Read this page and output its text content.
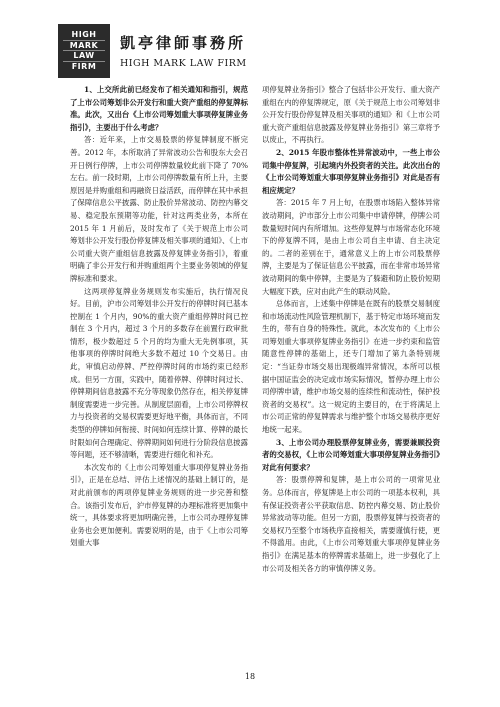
HIGH
MARK
LAW
FIRM
凱亭律師事務所
HIGH MARK LAW FIRM

1、上交所此前已经发布了相关通知和指引，规范了上市公司筹划非公开发行和重大资产重组的停复牌标准。此次，又出台《上市公司筹划重大事项停复牌业务指引》，主要出于什么考虑？

答：近年来，上市交易股票的停复牌制度不断完善。2012 年，本所取消了异常波动公告和股东大会召开日例行停牌，上市公司停牌数量较此前下降了 70%左右。前一段时期，上市公司停牌数量有所上升，主要原因是并购重组和再融资日益活跃，而停牌在其中承担了保障信息公平披露、防止股价异常波动、防控内幕交易、稳定股东预期等功能，针对这两类业务，本所在 2015 年 1 月前后，及时发布了《关于规范上市公司筹划非公开发行股份停复牌及相关事项的通知》、《上市公司重大资产重组信息披露及停复牌业务指引》，着重明确了非公开发行和并购重组两个主要业务领域的停复牌标准和要求。

这两项停复牌业务规则发布实施后，执行情况良好。目前，沪市公司筹划非公开发行的停牌时间已基本控制在 1 个月内，90%的重大资产重组停牌时间已控制在 3 个月内，超过 3 个月的多数存在前置行政审批情形，极少数超过 5 个月的均为重大无先例事项，其他事项的停牌时间绝大多数不超过 10 个交易日。由此，审慎启动停牌、严控停牌时间的市场约束已经形成。但另一方面，实践中，随着停牌、停牌时间过长、停牌期间信息披露不充分等现象仍然存在，相关停复牌制度需要进一步完善。从制度层面看，上市公司停牌权力与投资者的交易权需要更好地平衡，具体而言，不同类型的停牌如何衔接、时间如何连续计算、停牌的最长时限如何合理确定、停牌期间如何进行分阶段信息披露等问题，还不够清晰，需要进行细化和补充。

本次发布的《上市公司筹划重大事项停复牌业务指引》，正是在总结、评估上述情况的基础上制订的，是对此前颁布的两项停复牌业务规则的进一步完善和整合。该指引发布后，沪市停复牌的办理标准将更加集中统一，具体要求将更加明确完善，上市公司办理停复牌业务也会更加便利。需要说明的是，由于《上市公司筹划重大事

项停复牌业务指引》整合了包括非公开发行、重大资产重组在内的停复牌规定，原《关于规范上市公司筹划非公开发行股份停复牌及相关事项的通知》和《上市公司重大资产重组信息披露及停复牌业务指引》第三章将予以废止，不再执行。

2、2015 年股市整体性异常波动中，一些上市公司集中停复牌，引起境内外投资者的关注。此次出台的《上市公司筹划重大事项停复牌业务指引》对此是否有相应规定？

答：2015 年 7 月上旬，在股票市场陷入整体异常波动期间，沪市部分上市公司集中申请停牌，停牌公司数量短时间内有所增加。这些停复牌与市场常态化环境下的停复牌不同，是由上市公司自主申请、自主决定的。二者的差别在于，通常意义上的上市公司股票停牌，主要是为了保证信息公平披露，而在非常市场异常波动期间的集中停牌，主要是为了躲避和防止股价短期大幅度下跌，应对由此产生的联动风险。

总体而言，上述集中停牌是在既有的股票交易制度和市场流动性风险管理机制下，基于特定市场环境而发生的，带有自身的特殊性。就此，本次发布的《上市公司筹划重大事项停复牌业务指引》在进一步约束和监管随意性停牌的基础上，还专门增加了第九条特别规定：“当证券市场交易出现极端异常情况，本所可以根据中国证监会的决定或市场实际情况，暂停办理上市公司停牌申请，维护市场交易的连续性和流动性，保护投资者的交易权”。这一规定的主要目的，在于将满足上市公司正常的停复牌需求与维护整个市场交易秩序更好地统一起来。

3、上市公司办理股票停复牌业务，需要兼顾投资者的交易权，《上市公司筹划重大事项停复牌业务指引》对此有何要求？

答：股票停牌和复牌，是上市公司的一项常见业务。总体而言，停复牌是上市公司的一项基本权利，具有保证投资者公平获取信息、防控内幕交易、防止股价异常波动等功能。但另一方面，股票停复牌与投资者的交易权乃至整个市场秩序直接相关，需要谨慎行使，更不得滥用。由此，《上市公司筹划重大事项停复牌业务指引》在满足基本的停牌需求基础上，进一步强化了上市公司及相关各方的审慎停牌义务。

18
